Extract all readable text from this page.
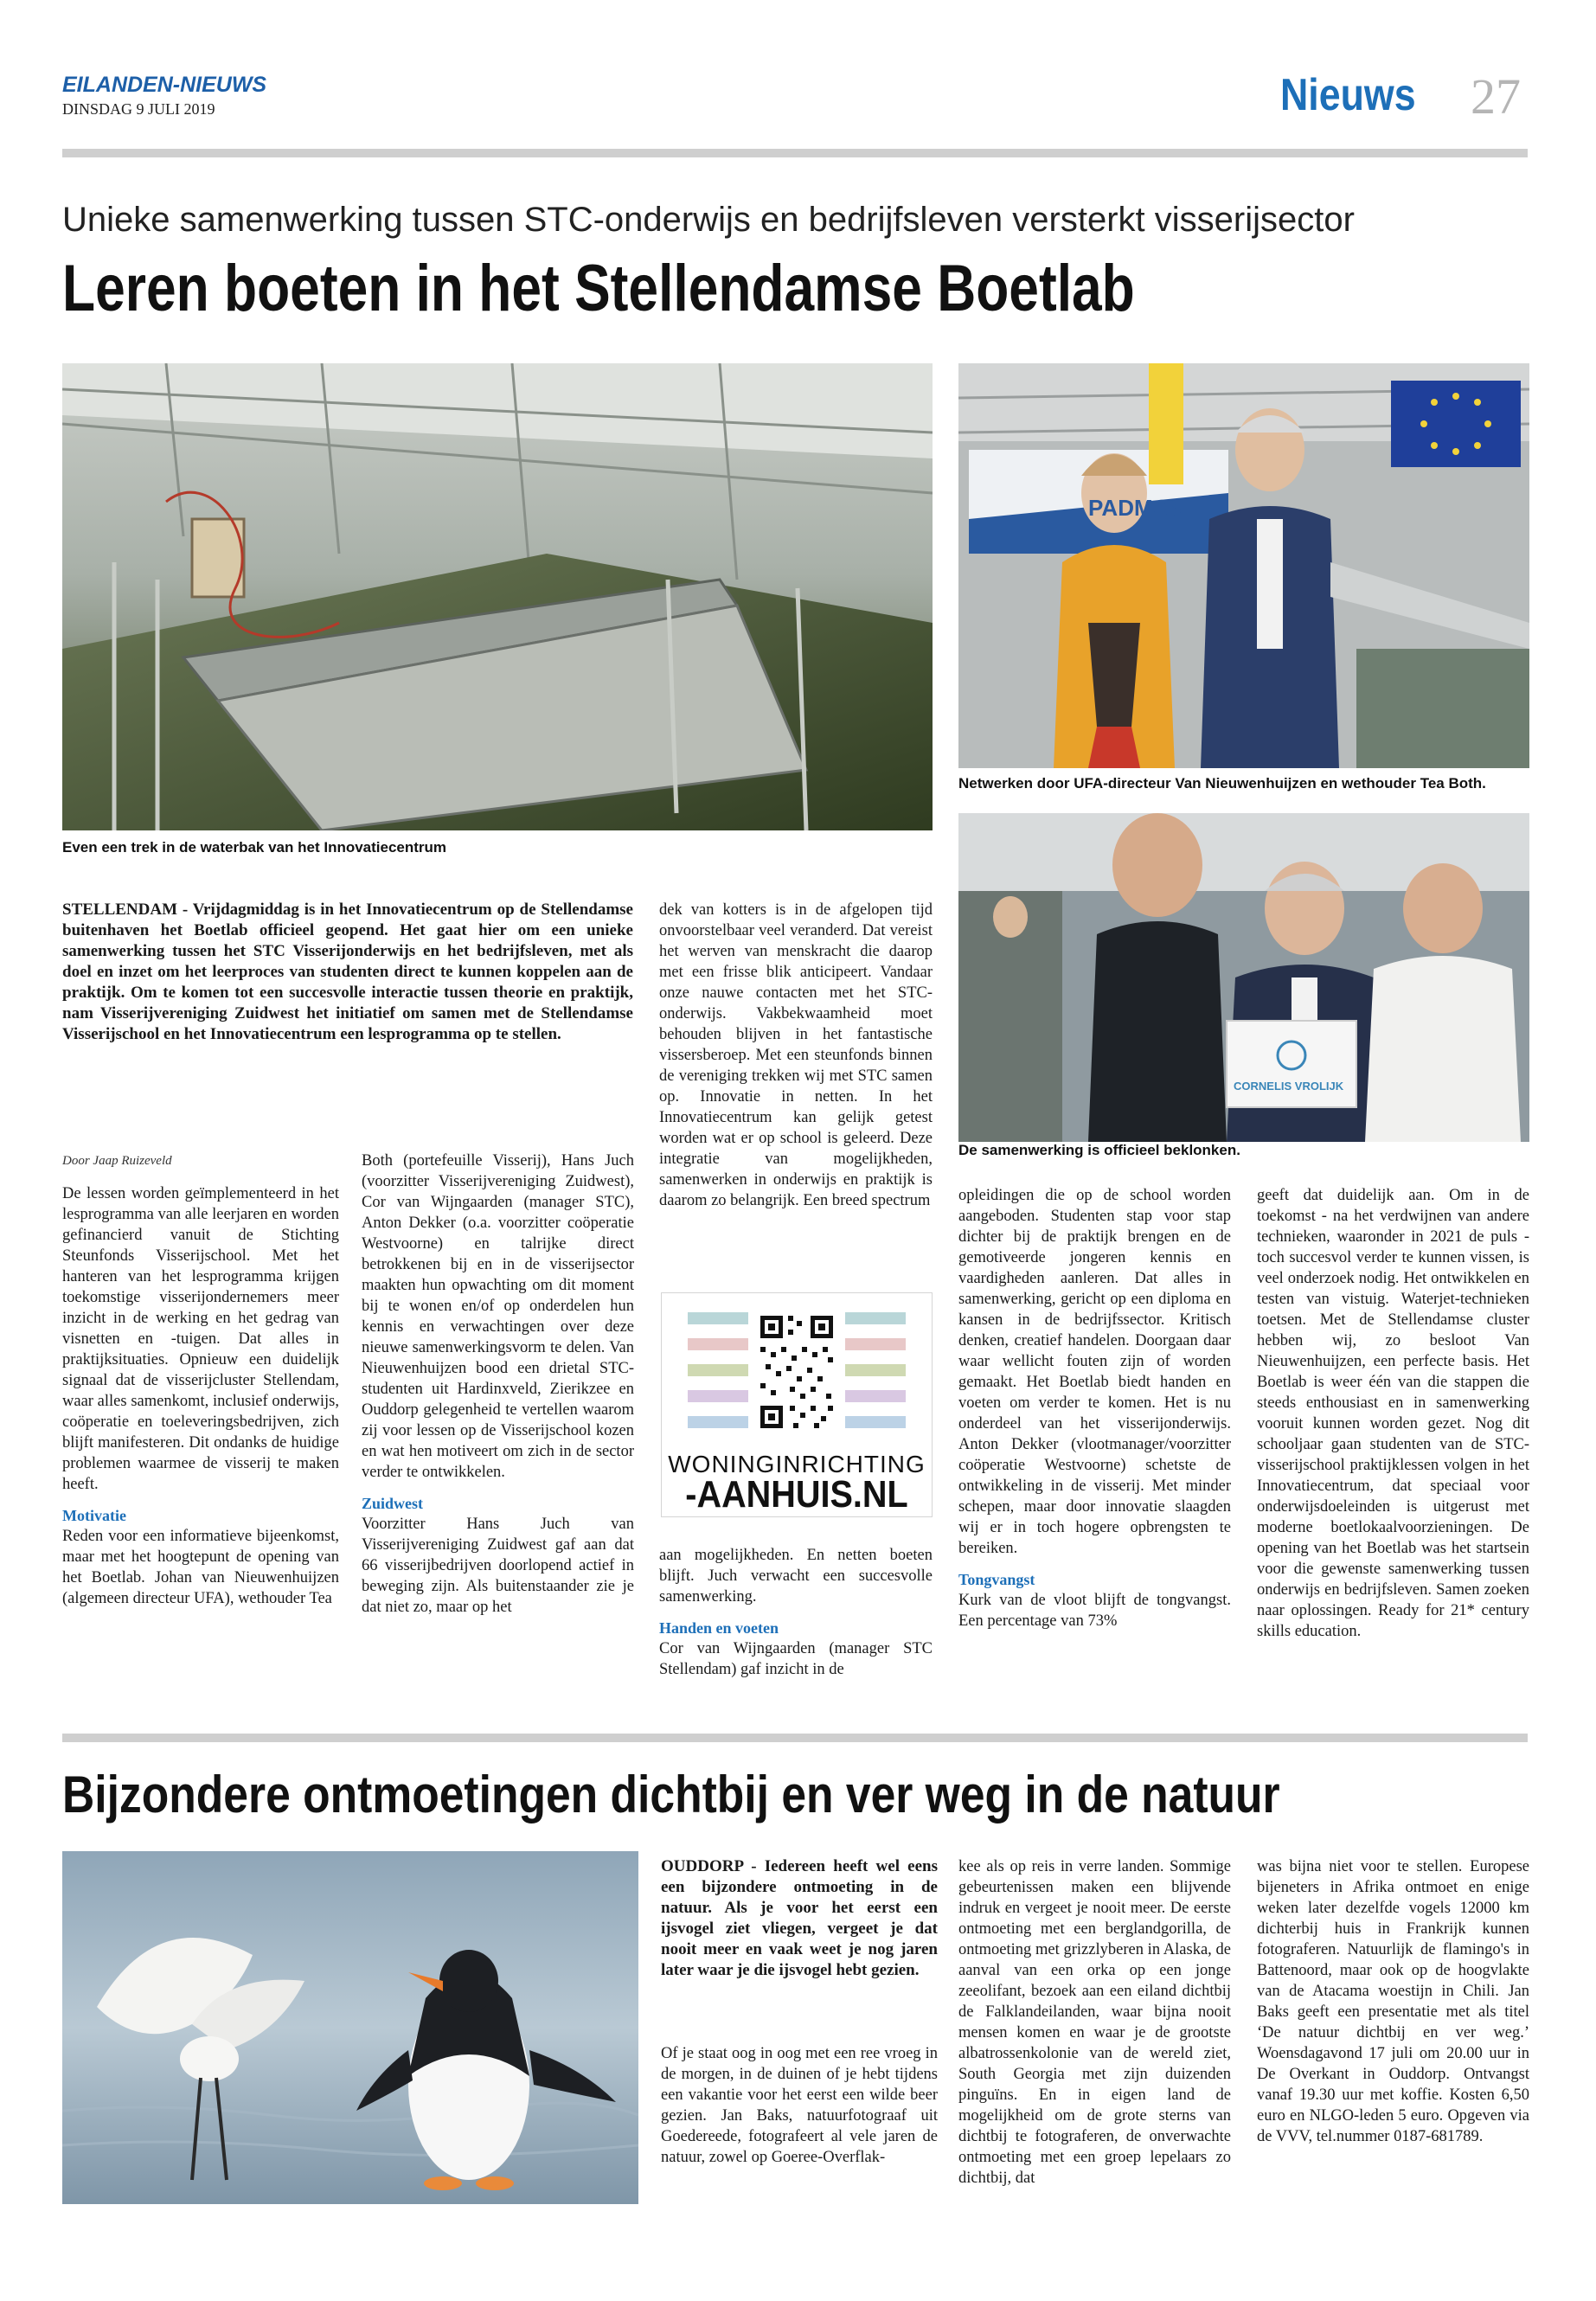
EILANDEN-NIEUWS
DINSDAG 9 JULI 2019	Nieuws 27
Unieke samenwerking tussen STC-onderwijs en bedrijfsleven versterkt visserijsector
Leren boeten in het Stellendamse Boetlab
Even een trek in de waterbak van het Innovatiecentrum
PADMOS
Netwerken door UFA-directeur Van Nieuwenhuijzen en wethouder Tea Both.
CORNELIS VROLIJK
De samenwerking is officieel beklonken.
STELLENDAM - Vrijdagmiddag is in het Innovatiecentrum op de Stellendamse buitenhaven het Boetlab officieel geopend. Het gaat hier om een unieke samenwerking tussen het STC Visserijonderwijs en het bedrijfsleven, met als doel en inzet om het leerproces van studenten direct te kunnen koppelen aan de praktijk. Om te komen tot een succesvolle interactie tussen theorie en praktijk, nam Visserijvereniging Zuidwest het initiatief om samen met de Stellendamse Visserijschool en het Innovatiecentrum een lesprogramma op te stellen.

Door Jaap Ruizeveld

De lessen worden geïmplementeerd in het lesprogramma van alle leerjaren en worden gefinancierd vanuit de Stichting Steunfonds Visserijschool. Met het hanteren van het lesprogramma krijgen toekomstige visserijondernemers meer inzicht in de werking en het gedrag van visnetten en -tuigen. Dat alles in praktijksituaties. Opnieuw een duidelijk signaal dat de visserijcluster Stellendam, waar alles samenkomt, inclusief onderwijs, coöperatie en toeleveringsbedrijven, zich blijft manifesteren. Dit ondanks de huidige problemen waarmee de visserij te maken heeft.

Motivatie

Reden voor een informatieve bijeenkomst, maar met het hoogtepunt de opening van het Boetlab. Johan van Nieuwenhuijzen (algemeen directeur UFA), wethouder Tea

Both (portefeuille Visserij), Hans Juch (voorzitter Visserijvereniging Zuidwest), Cor van Wijngaarden (manager STC), Anton Dekker (o.a. voorzitter coöperatie Westvoorne) en talrijke direct betrokkenen bij en in de visserijsector maakten hun opwachting om dit moment bij te wonen en/of op onderdelen hun kennis en verwachtingen over deze nieuwe samenwerkingsvorm te delen. Van Nieuwenhuijzen bood een drietal STC-studenten uit Hardinxveld, Zierikzee en Ouddorp gelegenheid te vertellen waarom zij voor lessen op de Visserijschool kozen en wat hen motiveert om zich in de sector verder te ontwikkelen.

Zuidwest

Voorzitter Hans Juch van Visserijvereniging Zuidwest gaf aan dat 66 visserijbedrijven doorlopend actief in beweging zijn. Als buitenstaander zie je dat niet zo, maar op het

dek van kotters is in de afgelopen tijd onvoorstelbaar veel veranderd. Dat vereist het werven van menskracht die daarop met een frisse blik anticipeert. Vandaar onze nauwe contacten met het STC-onderwijs. Vakbekwaamheid moet behouden blijven in het fantastische vissersberoep. Met een steunfonds binnen de vereniging trekken wij met STC samen op. Innovatie in netten. In het Innovatiecentrum kan gelijk getest worden wat er op school is geleerd. Deze integratie van mogelijkheden, samenwerken in onderwijs en praktijk is daarom zo belangrijk. Een breed spectrum

aan mogelijkheden. En netten boeten blijft. Juch verwacht een succesvolle samenwerking.

Handen en voeten

Cor van Wijngaarden (manager STC Stellendam) gaf inzicht in de

WONINGINRICHTING
-AANHUIS.NL

opleidingen die op de school worden aangeboden. Studenten stap voor stap dichter bij de praktijk brengen en de gemotiveerde jongeren kennis en vaardigheden aanleren. Dat alles in samenwerking, gericht op een diploma en kansen in de bedrijfssector. Kritisch denken, creatief handelen. Doorgaan daar waar wellicht fouten zijn of worden gemaakt. Het Boetlab biedt handen en voeten om verder te komen. Het is nu onderdeel van het visserijonderwijs. Anton Dekker (vlootmanager/voorzitter coöperatie Westvoorne) schetste de ontwikkeling in de visserij. Met minder schepen, maar door innovatie slaagden wij er in toch hogere opbrengsten te bereiken.

Tongvangst

Kurk van de vloot blijft de tongvangst. Een percentage van 73%

geeft dat duidelijk aan. Om in de toekomst - na het verdwijnen van andere technieken, waaronder in 2021 de puls - toch succesvol verder te kunnen vissen, is veel onderzoek nodig. Het ontwikkelen en testen van vistuig. Waterjet-technieken toetsen. Met de Stellendamse cluster hebben wij, zo besloot Van Nieuwenhuijzen, een perfecte basis. Het Boetlab is weer één van die stappen die steeds enthousiast en in samenwerking vooruit kunnen worden gezet. Nog dit schooljaar gaan studenten van de STC-visserijschool praktijklessen volgen in het Innovatiecentrum, dat speciaal voor onderwijsdoeleinden is uitgerust met moderne boetlokaalvoorzieningen. De opening van het Boetlab was het startsein voor die gewenste samenwerking tussen onderwijs en bedrijfsleven. Samen zoeken naar oplossingen. Ready for 21* century skills education.

Bijzondere ontmoetingen dichtbij en ver weg in de natuur
OUDDORP - Iedereen heeft wel eens een bijzondere ontmoeting in de natuur. Als je voor het eerst een ijsvogel ziet vliegen, vergeet je dat nooit meer en vaak weet je nog jaren later waar je die ijsvogel hebt gezien.

Of je staat oog in oog met een ree vroeg in de morgen, in de duinen of je hebt tijdens een vakantie voor het eerst een wilde beer gezien. Jan Baks, natuurfotograaf uit Goedereede, fotografeert al vele jaren de natuur, zowel op Goeree-Overflak-

kee als op reis in verre landen. Sommige gebeurtenissen maken een blijvende indruk en vergeet je nooit meer. De eerste ontmoeting met een berglandgorilla, de ontmoeting met grizzlyberen in Alaska, de aanval van een orka op een jonge zeeolifant, bezoek aan een eiland dichtbij de Falklandeilanden, waar bijna nooit mensen komen en waar je de grootste albatrossenkolonie van de wereld ziet, South Georgia met zijn duizenden pinguïns. En in eigen land de mogelijkheid om de grote sterns van dichtbij te fotograferen, de onverwachte ontmoeting met een groep lepelaars zo dichtbij, dat

was bijna niet voor te stellen. Europese bijeneters in Afrika ontmoet en enige weken later dezelfde vogels 12000 km dichterbij huis in Frankrijk kunnen fotograferen. Natuurlijk de flamingo's in Battenoord, maar ook op de hoogvlakte van de Atacama woestijn in Chili. Jan Baks geeft een presentatie met als titel ‘De natuur dichtbij en ver weg.’ Woensdagavond 17 juli om 20.00 uur in De Overkant in Ouddorp. Ontvangst vanaf 19.30 uur met koffie. Kosten 6,50 euro en NLGO-leden 5 euro. Opgeven via de VVV, tel.nummer 0187-681789.
